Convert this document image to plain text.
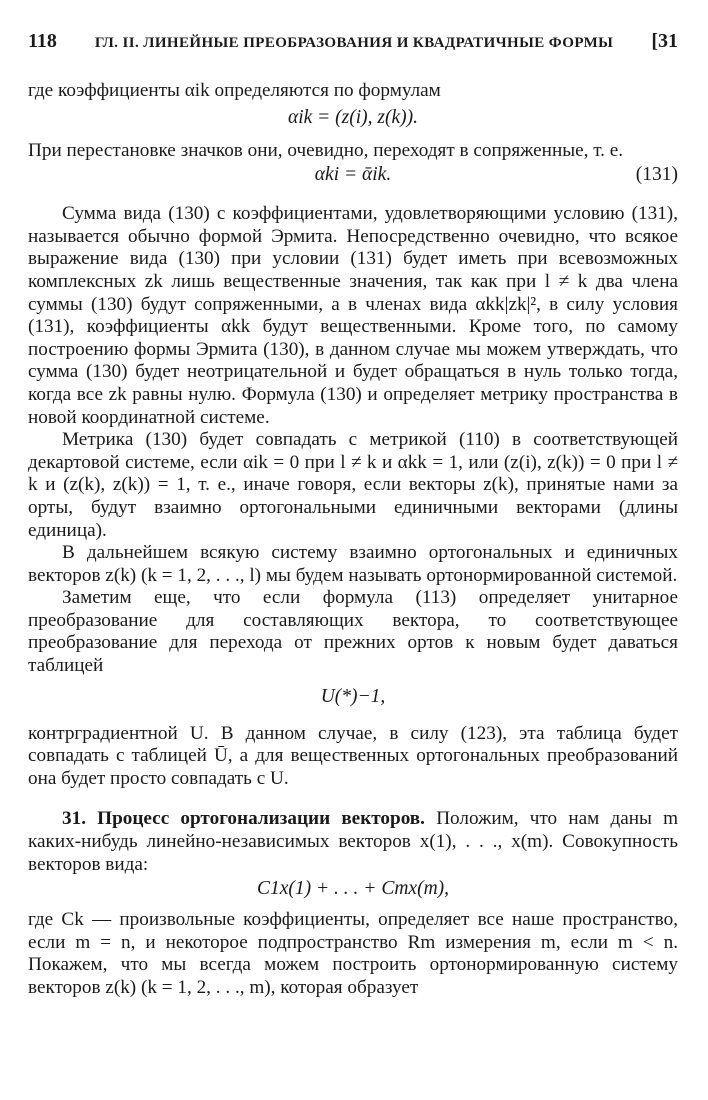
118	ГЛ. II. ЛИНЕЙНЫЕ ПРЕОБРАЗОВАНИЯ И КВАДРАТИЧНЫЕ ФОРМЫ [31

где коэффициенты αik определяются по формулам

αik = (z(i), z(k)).

При перестановке значков они, очевидно, переходят в сопряженные, т. е.

αki = ᾱik.	(131)

Сумма вида (130) с коэффициентами, удовлетворяющими условию (131), называется обычно формой Эрмита. Непосредственно очевидно, что всякое выражение вида (130) при условии (131) будет иметь при всевозможных комплексных zk лишь вещественные значения, так как при l ≠ k два члена суммы (130) будут сопряженными, а в членах вида αkk|zk|², в силу условия (131), коэффициенты αkk будут вещественными. Кроме того, по самому построению формы Эрмита (130), в данном случае мы можем утверждать, что сумма (130) будет неотрицательной и будет обращаться в нуль только тогда, когда все zk равны нулю. Формула (130) и определяет метрику пространства в новой координатной системе.

Метрика (130) будет совпадать с метрикой (110) в соответствующей декартовой системе, если αik = 0 при l ≠ k и αkk = 1, или (z(i), z(k)) = 0 при l ≠ k и (z(k), z(k)) = 1, т. е., иначе говоря, если векторы z(k), принятые нами за орты, будут взаимно ортогональными единичными векторами (длины единица).

В дальнейшем всякую систему взаимно ортогональных и единичных векторов z(k) (k = 1, 2, . . ., l) мы будем называть ортонормированной системой.

Заметим еще, что если формула (113) определяет унитарное преобразование для составляющих вектора, то соответствующее преобразование для перехода от прежних ортов к новым будет даваться таблицей

U(*)−1,

контрградиентной U. В данном случае, в силу (123), эта таблица будет совпадать с таблицей Ū, а для вещественных ортогональных преобразований она будет просто совпадать с U.

31. Процесс ортогонализации векторов. Положим, что нам даны m каких-нибудь линейно-независимых векторов x(1), . . ., x(m). Совокупность векторов вида:

C1x(1) + . . . + Cmx(m),

где Ck — произвольные коэффициенты, определяет все наше пространство, если m = n, и некоторое подпространство Rm измерения m, если m < n. Покажем, что мы всегда можем построить ортонормированную систему векторов z(k) (k = 1, 2, . . ., m), которая образует
